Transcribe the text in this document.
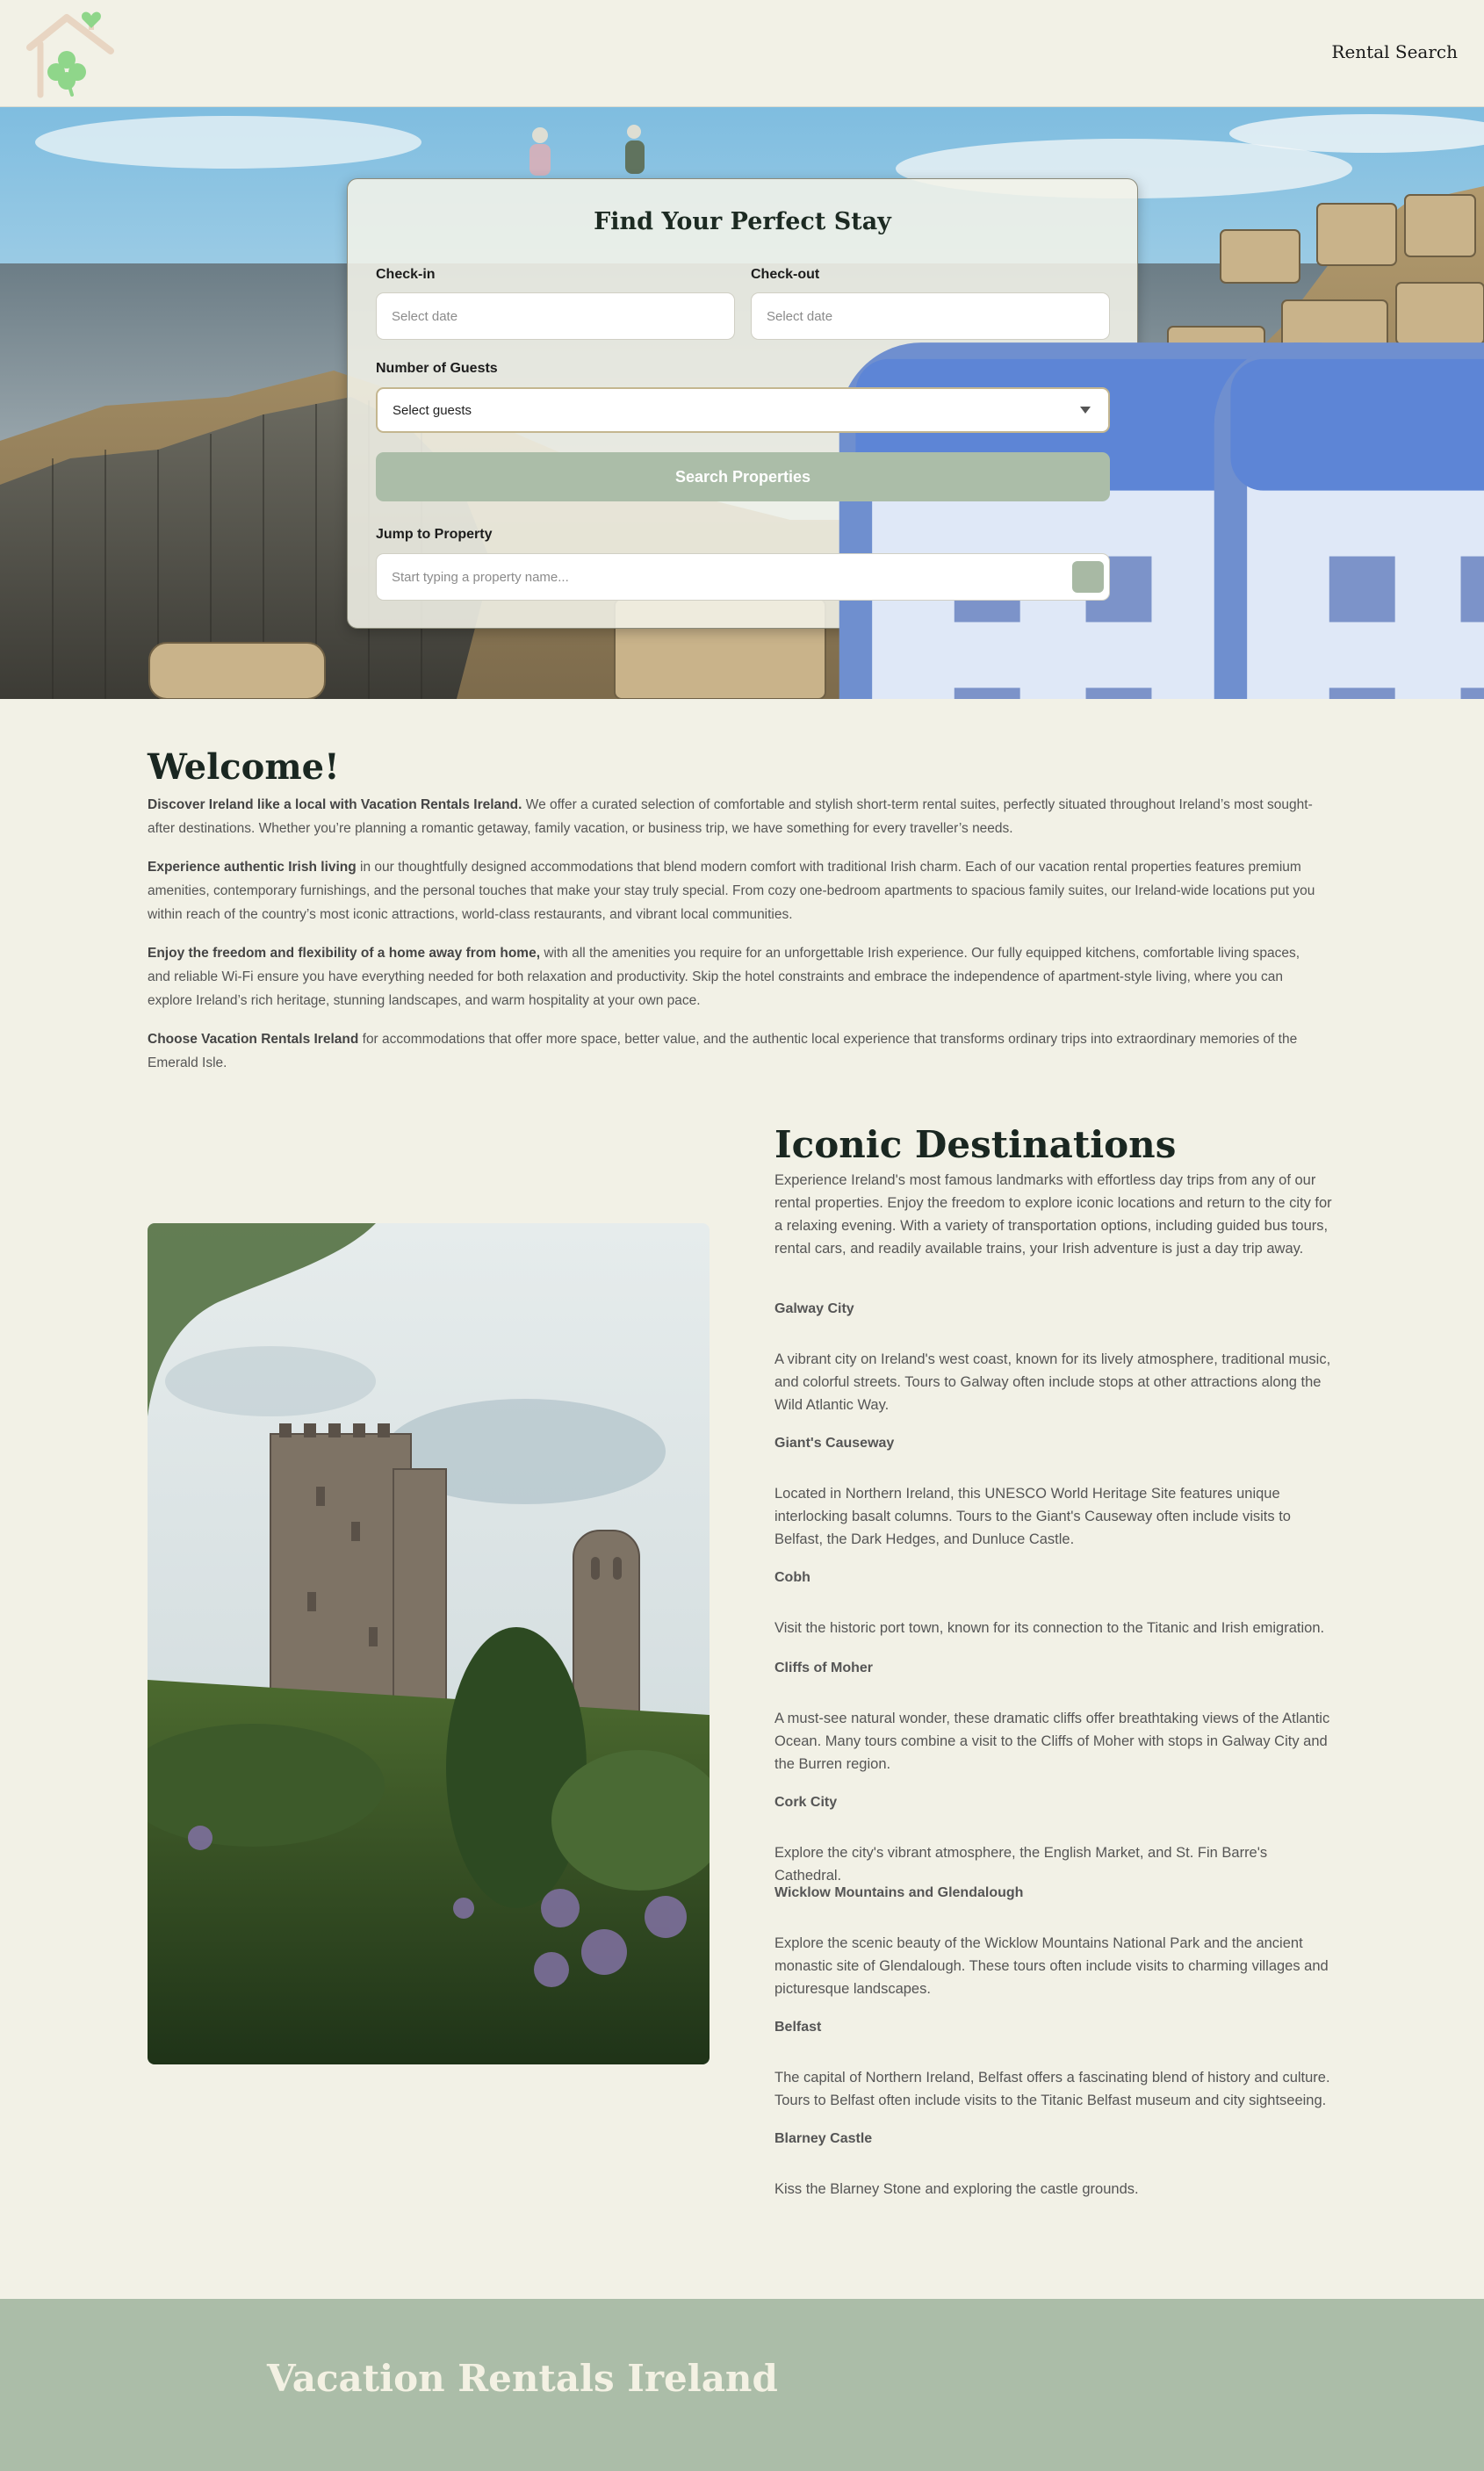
Rental Search
Find Your Perfect Stay
Check-in
Select date
Check-out
Select date
Number of Guests
Select guests
Search Properties
Jump to Property
Start typing a property name...
Welcome!

Discover Ireland like a local with Vacation Rentals Ireland. We offer a curated selection of comfortable and stylish short-term rental suites, perfectly situated throughout Ireland’s most sought-after destinations. Whether you’re planning a romantic getaway, family vacation, or business trip, we have something for every traveller’s needs.

Experience authentic Irish living in our thoughtfully designed accommodations that blend modern comfort with traditional Irish charm. Each of our vacation rental properties features premium amenities, contemporary furnishings, and the personal touches that make your stay truly special. From cozy one-bedroom apartments to spacious family suites, our Ireland-wide locations put you within reach of the country’s most iconic attractions, world-class restaurants, and vibrant local communities.

Enjoy the freedom and flexibility of a home away from home, with all the amenities you require for an unforgettable Irish experience. Our fully equipped kitchens, comfortable living spaces, and reliable Wi-Fi ensure you have everything needed for both relaxation and productivity. Skip the hotel constraints and embrace the independence of apartment-style living, where you can explore Ireland’s rich heritage, stunning landscapes, and warm hospitality at your own pace.

Choose Vacation Rentals Ireland for accommodations that offer more space, better value, and the authentic local experience that transforms ordinary trips into extraordinary memories of the Emerald Isle.

Iconic Destinations

Experience Ireland's most famous landmarks with effortless day trips from any of our rental properties. Enjoy the freedom to explore iconic locations and return to the city for a relaxing evening. With a variety of transportation options, including guided bus tours, rental cars, and readily available trains, your Irish adventure is just a day trip away.

Galway City

A vibrant city on Ireland's west coast, known for its lively atmosphere, traditional music, and colorful streets. Tours to Galway often include stops at other attractions along the Wild Atlantic Way.

Giant's Causeway

Located in Northern Ireland, this UNESCO World Heritage Site features unique interlocking basalt columns. Tours to the Giant's Causeway often include visits to Belfast, the Dark Hedges, and Dunluce Castle.

Cobh

Visit the historic port town, known for its connection to the Titanic and Irish emigration.

Cliffs of Moher

A must-see natural wonder, these dramatic cliffs offer breathtaking views of the Atlantic Ocean. Many tours combine a visit to the Cliffs of Moher with stops in Galway City and the Burren region.

Cork City

Explore the city's vibrant atmosphere, the English Market, and St. Fin Barre's Cathedral.

Wicklow Mountains and Glendalough

Explore the scenic beauty of the Wicklow Mountains National Park and the ancient monastic site of Glendalough. These tours often include visits to charming villages and picturesque landscapes.

Belfast

The capital of Northern Ireland, Belfast offers a fascinating blend of history and culture. Tours to Belfast often include visits to the Titanic Belfast museum and city sightseeing.

Blarney Castle

Kiss the Blarney Stone and exploring the castle grounds.

Vacation Rentals Ireland
